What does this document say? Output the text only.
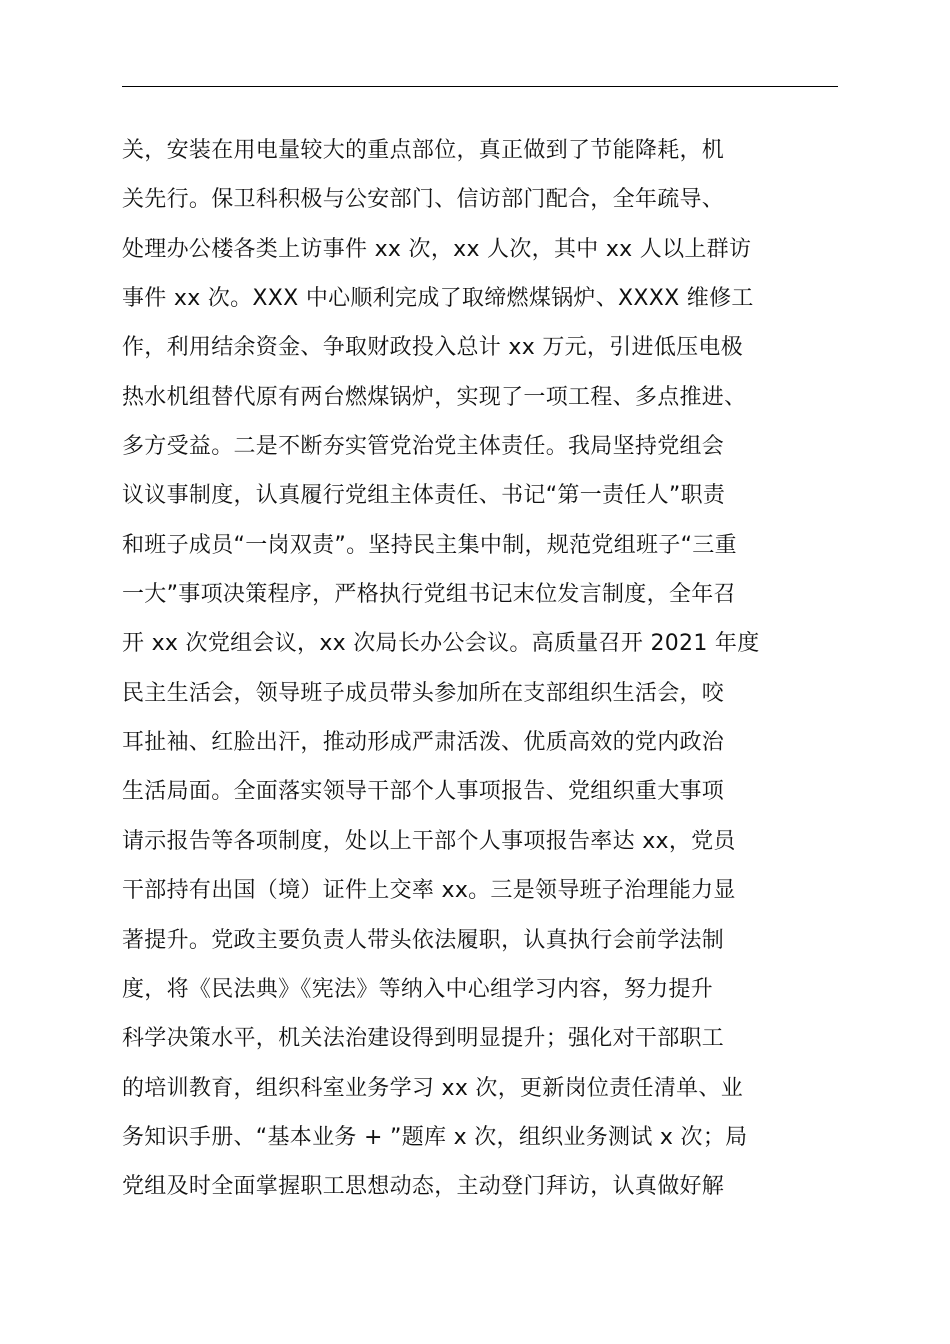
关，安装在用电量较大的重点部位，真正做到了节能降耗，机
关先行。保卫科积极与公安部门、信访部门配合，全年疏导、
处理办公楼各类上访事件 xx 次，xx 人次，其中 xx 人以上群访
事件 xx 次。XXX 中心顺利完成了取缔燃煤锅炉、XXXX 维修工
作，利用结余资金、争取财政投入总计 xx 万元，引进低压电极
热水机组替代原有两台燃煤锅炉，实现了一项工程、多点推进、
多方受益。二是不断夯实管党治党主体责任。我局坚持党组会
议议事制度，认真履行党组主体责任、书记“第一责任人”职责
和班子成员“一岗双责”。坚持民主集中制，规范党组班子“三重
一大”事项决策程序，严格执行党组书记末位发言制度，全年召
开 xx 次党组会议，xx 次局长办公会议。高质量召开 2021 年度
民主生活会，领导班子成员带头参加所在支部组织生活会，咬
耳扯袖、红脸出汗，推动形成严肃活泼、优质高效的党内政治
生活局面。全面落实领导干部个人事项报告、党组织重大事项
请示报告等各项制度，处以上干部个人事项报告率达 xx，党员
干部持有出国（境）证件上交率 xx。三是领导班子治理能力显
著提升。党政主要负责人带头依法履职，认真执行会前学法制
度，将《民法典》《宪法》等纳入中心组学习内容，努力提升
科学决策水平，机关法治建设得到明显提升；强化对干部职工
的培训教育，组织科室业务学习 xx 次，更新岗位责任清单、业
务知识手册、“基本业务 + ”题库 x 次，组织业务测试 x 次；局
党组及时全面掌握职工思想动态，主动登门拜访，认真做好解
